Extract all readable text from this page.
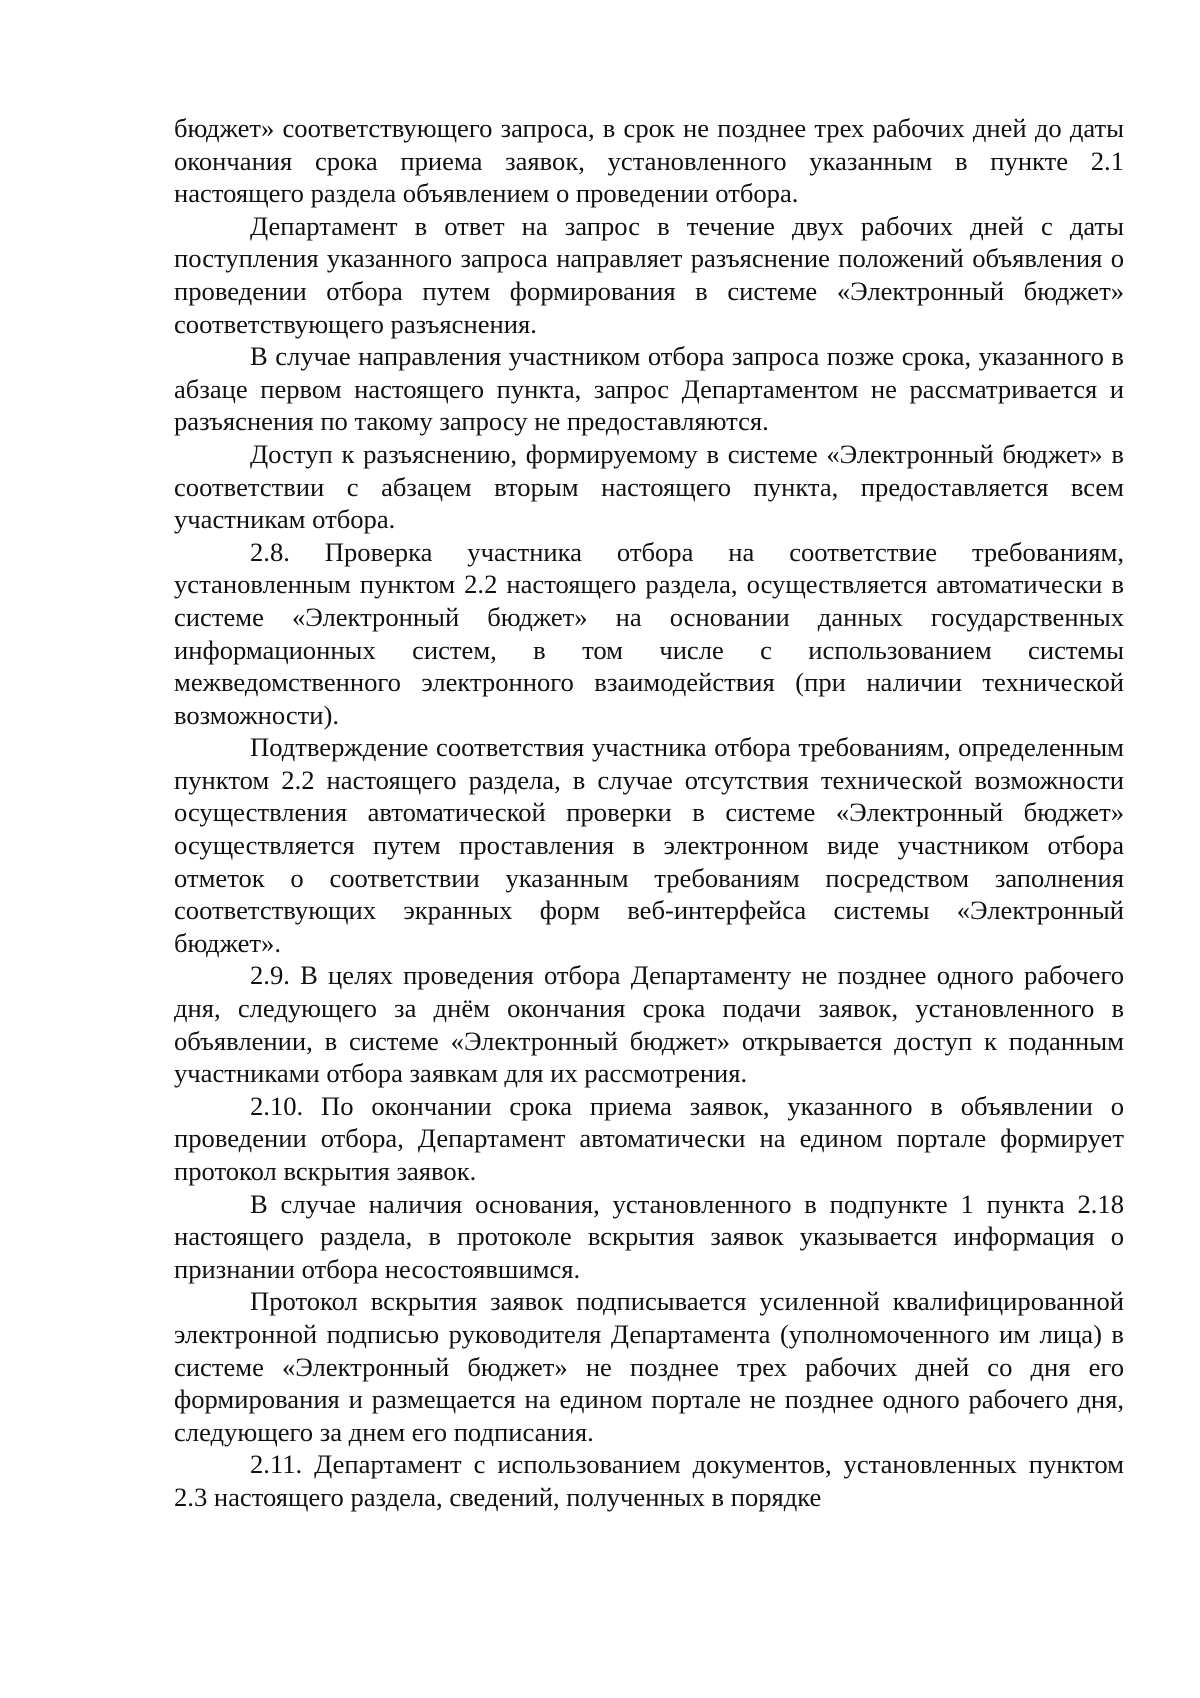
бюджет» соответствующего запроса, в срок не позднее трех рабочих дней до даты окончания срока приема заявок, установленного указанным в пункте 2.1 настоящего раздела объявлением о проведении отбора.

Департамент в ответ на запрос в течение двух рабочих дней с даты поступления указанного запроса направляет разъяснение положений объявления о проведении отбора путем формирования в системе «Электронный бюджет» соответствующего разъяснения.

В случае направления участником отбора запроса позже срока, указанного в абзаце первом настоящего пункта, запрос Департаментом не рассматривается и разъяснения по такому запросу не предоставляются.

Доступ к разъяснению, формируемому в системе «Электронный бюджет» в соответствии с абзацем вторым настоящего пункта, предоставляется всем участникам отбора.

2.8. Проверка участника отбора на соответствие требованиям, установленным пунктом 2.2 настоящего раздела, осуществляется автоматически в системе «Электронный бюджет» на основании данных государственных информационных систем, в том числе с использованием системы межведомственного электронного взаимодействия (при наличии технической возможности).

Подтверждение соответствия участника отбора требованиям, определенным пунктом 2.2 настоящего раздела, в случае отсутствия технической возможности осуществления автоматической проверки в системе «Электронный бюджет» осуществляется путем проставления в электронном виде участником отбора отметок о соответствии указанным требованиям посредством заполнения соответствующих экранных форм веб-интерфейса системы «Электронный бюджет».

2.9. В целях проведения отбора Департаменту не позднее одного рабочего дня, следующего за днём окончания срока подачи заявок, установленного в объявлении, в системе «Электронный бюджет» открывается доступ к поданным участниками отбора заявкам для их рассмотрения.

2.10. По окончании срока приема заявок, указанного в объявлении о проведении отбора, Департамент автоматически на едином портале формирует протокол вскрытия заявок.

В случае наличия основания, установленного в подпункте 1 пункта 2.18 настоящего раздела, в протоколе вскрытия заявок указывается информация о признании отбора несостоявшимся.

Протокол вскрытия заявок подписывается усиленной квалифицированной электронной подписью руководителя Департамента (уполномоченного им лица) в системе «Электронный бюджет» не позднее трех рабочих дней со дня его формирования и размещается на едином портале не позднее одного рабочего дня, следующего за днем его подписания.

2.11. Департамент с использованием документов, установленных пунктом 2.3 настоящего раздела, сведений, полученных в порядке
